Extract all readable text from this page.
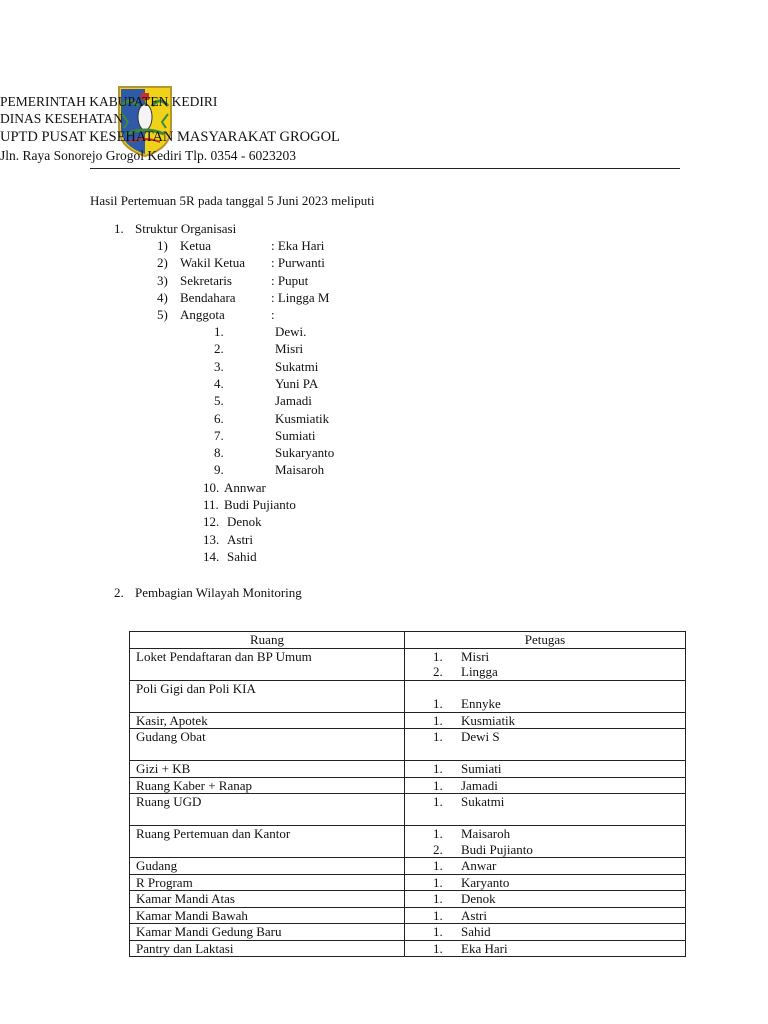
PEMERINTAH KABUPATEN KEDIRI
DINAS KESEHATAN
UPTD PUSAT KESEHATAN MASYARAKAT GROGOL
Jln. Raya Sonorejo Grogol Kediri Tlp. 0354 - 6023203
Hasil Pertemuan 5R pada tanggal 5 Juni 2023 meliputi
1. Struktur Organisasi
1) Ketua	: Eka Hari
2) Wakil Ketua : Purwanti
3) Sekretaris	: Puput
4) Bendahara	: Lingga M
5) Anggota	:
1.	Dewi.
2.	Misri
3.	Sukatmi
4.	Yuni PA
5.	Jamadi
6.	Kusmiatik
7.	Sumiati
8.	Sukaryanto
9.	Maisaroh
10. Annwar
11. Budi Pujianto
12. Denok
13. Astri
14. Sahid
2. Pembagian Wilayah Monitoring
Ruang	Petugas
Loket Pendaftaran dan BP Umum	1. Misri
2. Lingga

Poli Gigi dan Poli KIA	1. Ennyke

Kasir, Apotek	1. Kusmiatik

Gudang Obat	1. Dewi S

Gizi + KB	1. Sumiati

Ruang Kaber + Ranap	1. Jamadi

Ruang UGD	1. Sukatmi

Ruang Pertemuan dan Kantor	1. Maisaroh
2. Budi Pujianto

Gudang	1. Anwar

R Program	1. Karyanto

Kamar Mandi Atas	1. Denok

Kamar Mandi Bawah	1. Astri

Kamar Mandi Gedung Baru	1. Sahid

Pantry dan Laktasi	1. Eka Hari
